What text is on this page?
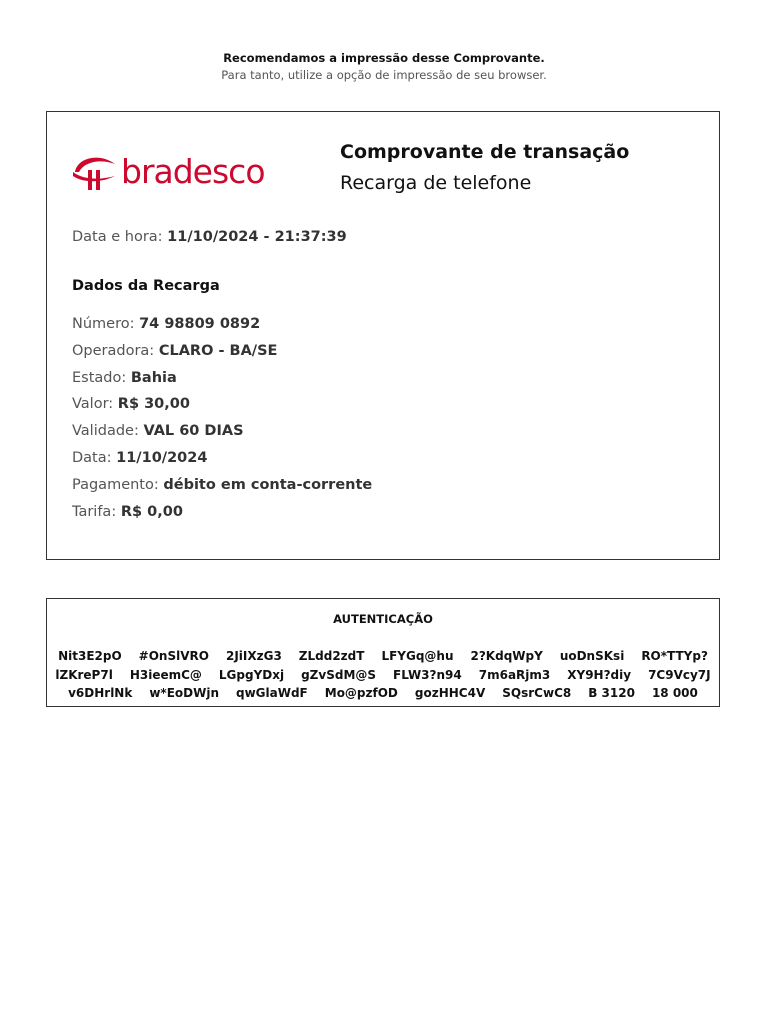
Recomendamos a impressão desse Comprovante.
Para tanto, utilize a opção de impressão de seu browser.
bradesco	Comprovante de transação
Recarga de telefone
Data e hora: 11/10/2024 - 21:37:39
Dados da Recarga
Número: 74 98809 0892
Operadora: CLARO - BA/SE
Estado: Bahia
Valor: R$ 30,00
Validade: VAL 60 DIAS
Data: 11/10/2024
Pagamento: débito em conta-corrente
Tarifa: R$ 0,00
AUTENTICAÇÃO
Nit3E2pO #OnSlVRO 2JiIXzG3 ZLdd2zdT LFYGq@hu 2?KdqWpY uoDnSKsi RO*TTYp?
lZKreP7l H3ieemC@ LGpgYDxj gZvSdM@S FLW3?n94 7m6aRjm3 XY9H?diy 7C9Vcy7J
v6DHrlNk w*EoDWjn qwGlaWdF Mo@pzfOD gozHHC4V SQsrCwC8 B 3120 18 000
